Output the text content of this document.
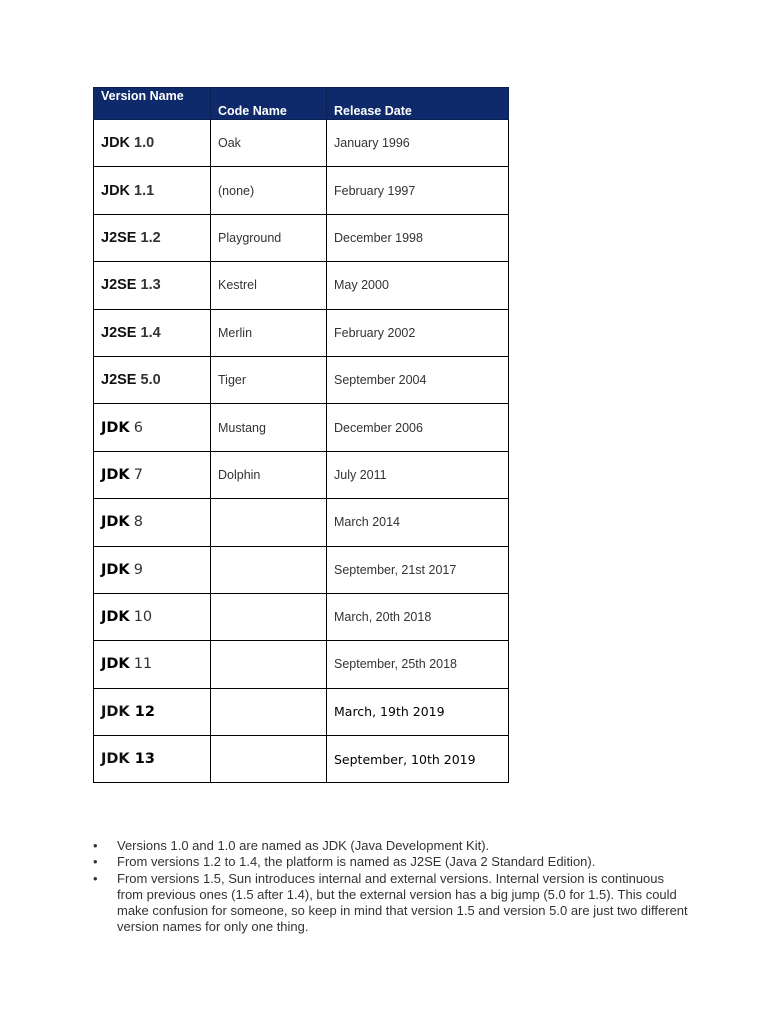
Version Name	Code Name	Release Date
JDK 1.0	Oak	January 1996
JDK 1.1	(none)	February 1997
J2SE 1.2	Playground	December 1998
J2SE 1.3	Kestrel	May 2000
J2SE 1.4	Merlin	February 2002
J2SE 5.0	Tiger	September 2004
JDK 6	Mustang	December 2006
JDK 7	Dolphin	July 2011
JDK 8		March 2014
JDK 9		September, 21st 2017
JDK 10		March, 20th 2018
JDK 11		September, 25th 2018
JDK 12		March, 19th 2019
JDK 13		September, 10th 2019
• Versions 1.0 and 1.0 are named as JDK (Java Development Kit).
• From versions 1.2 to 1.4, the platform is named as J2SE (Java 2 Standard Edition).
• From versions 1.5, Sun introduces internal and external versions. Internal version is continuous from previous ones (1.5 after 1.4), but the external version has a big jump (5.0 for 1.5). This could make confusion for someone, so keep in mind that version 1.5 and version 5.0 are just two different version names for only one thing.
